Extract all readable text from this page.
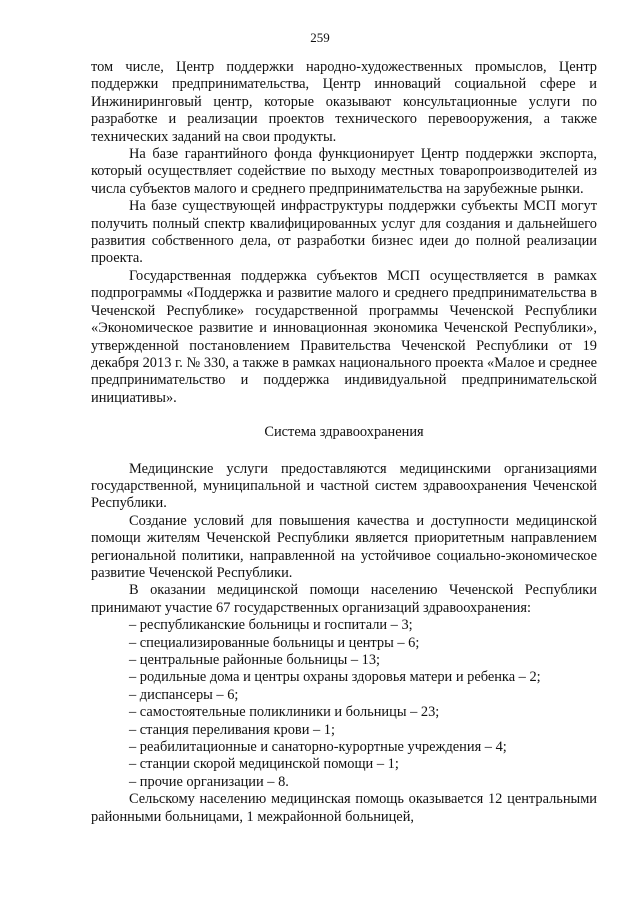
259

том числе, Центр поддержки народно-художественных промыслов, Центр поддержки предпринимательства, Центр инноваций социальной сфере и Инжиниринговый центр, которые оказывают консультационные услуги по разработке и реализации проектов технического перевооружения, а также технических заданий на свои продукты.

На базе гарантийного фонда функционирует Центр поддержки экспорта, который осуществляет содействие по выходу местных товаропроизводителей из числа субъектов малого и среднего предпринимательства на зарубежные рынки.

На базе существующей инфраструктуры поддержки субъекты МСП могут получить полный спектр квалифицированных услуг для создания и дальнейшего развития собственного дела, от разработки бизнес идеи до полной реализации проекта.

Государственная поддержка субъектов МСП осуществляется в рамках подпрограммы «Поддержка и развитие малого и среднего предпринимательства в Чеченской Республике» государственной программы Чеченской Республики «Экономическое развитие и инновационная экономика Чеченской Республики», утвержденной постановлением Правительства Чеченской Республики от 19 декабря 2013 г. № 330, а также в рамках национального проекта «Малое и среднее предпринимательство и поддержка индивидуальной предпринимательской инициативы».

Система здравоохранения

Медицинские услуги предоставляются медицинскими организациями государственной, муниципальной и частной систем здравоохранения Чеченской Республики.

Создание условий для повышения качества и доступности медицинской помощи жителям Чеченской Республики является приоритетным направлением региональной политики, направленной на устойчивое социально-экономическое развитие Чеченской Республики.

В оказании медицинской помощи населению Чеченской Республики принимают участие 67 государственных организаций здравоохранения:

– республиканские больницы и госпитали – 3;
– специализированные больницы и центры – 6;
– центральные районные больницы – 13;
– родильные дома и центры охраны здоровья матери и ребенка – 2;
– диспансеры – 6;
– самостоятельные поликлиники и больницы – 23;
– станция переливания крови – 1;
– реабилитационные и санаторно-курортные учреждения – 4;
– станции скорой медицинской помощи – 1;
– прочие организации – 8.

Сельскому населению медицинская помощь оказывается 12 центральными районными больницами, 1 межрайонной больницей,
